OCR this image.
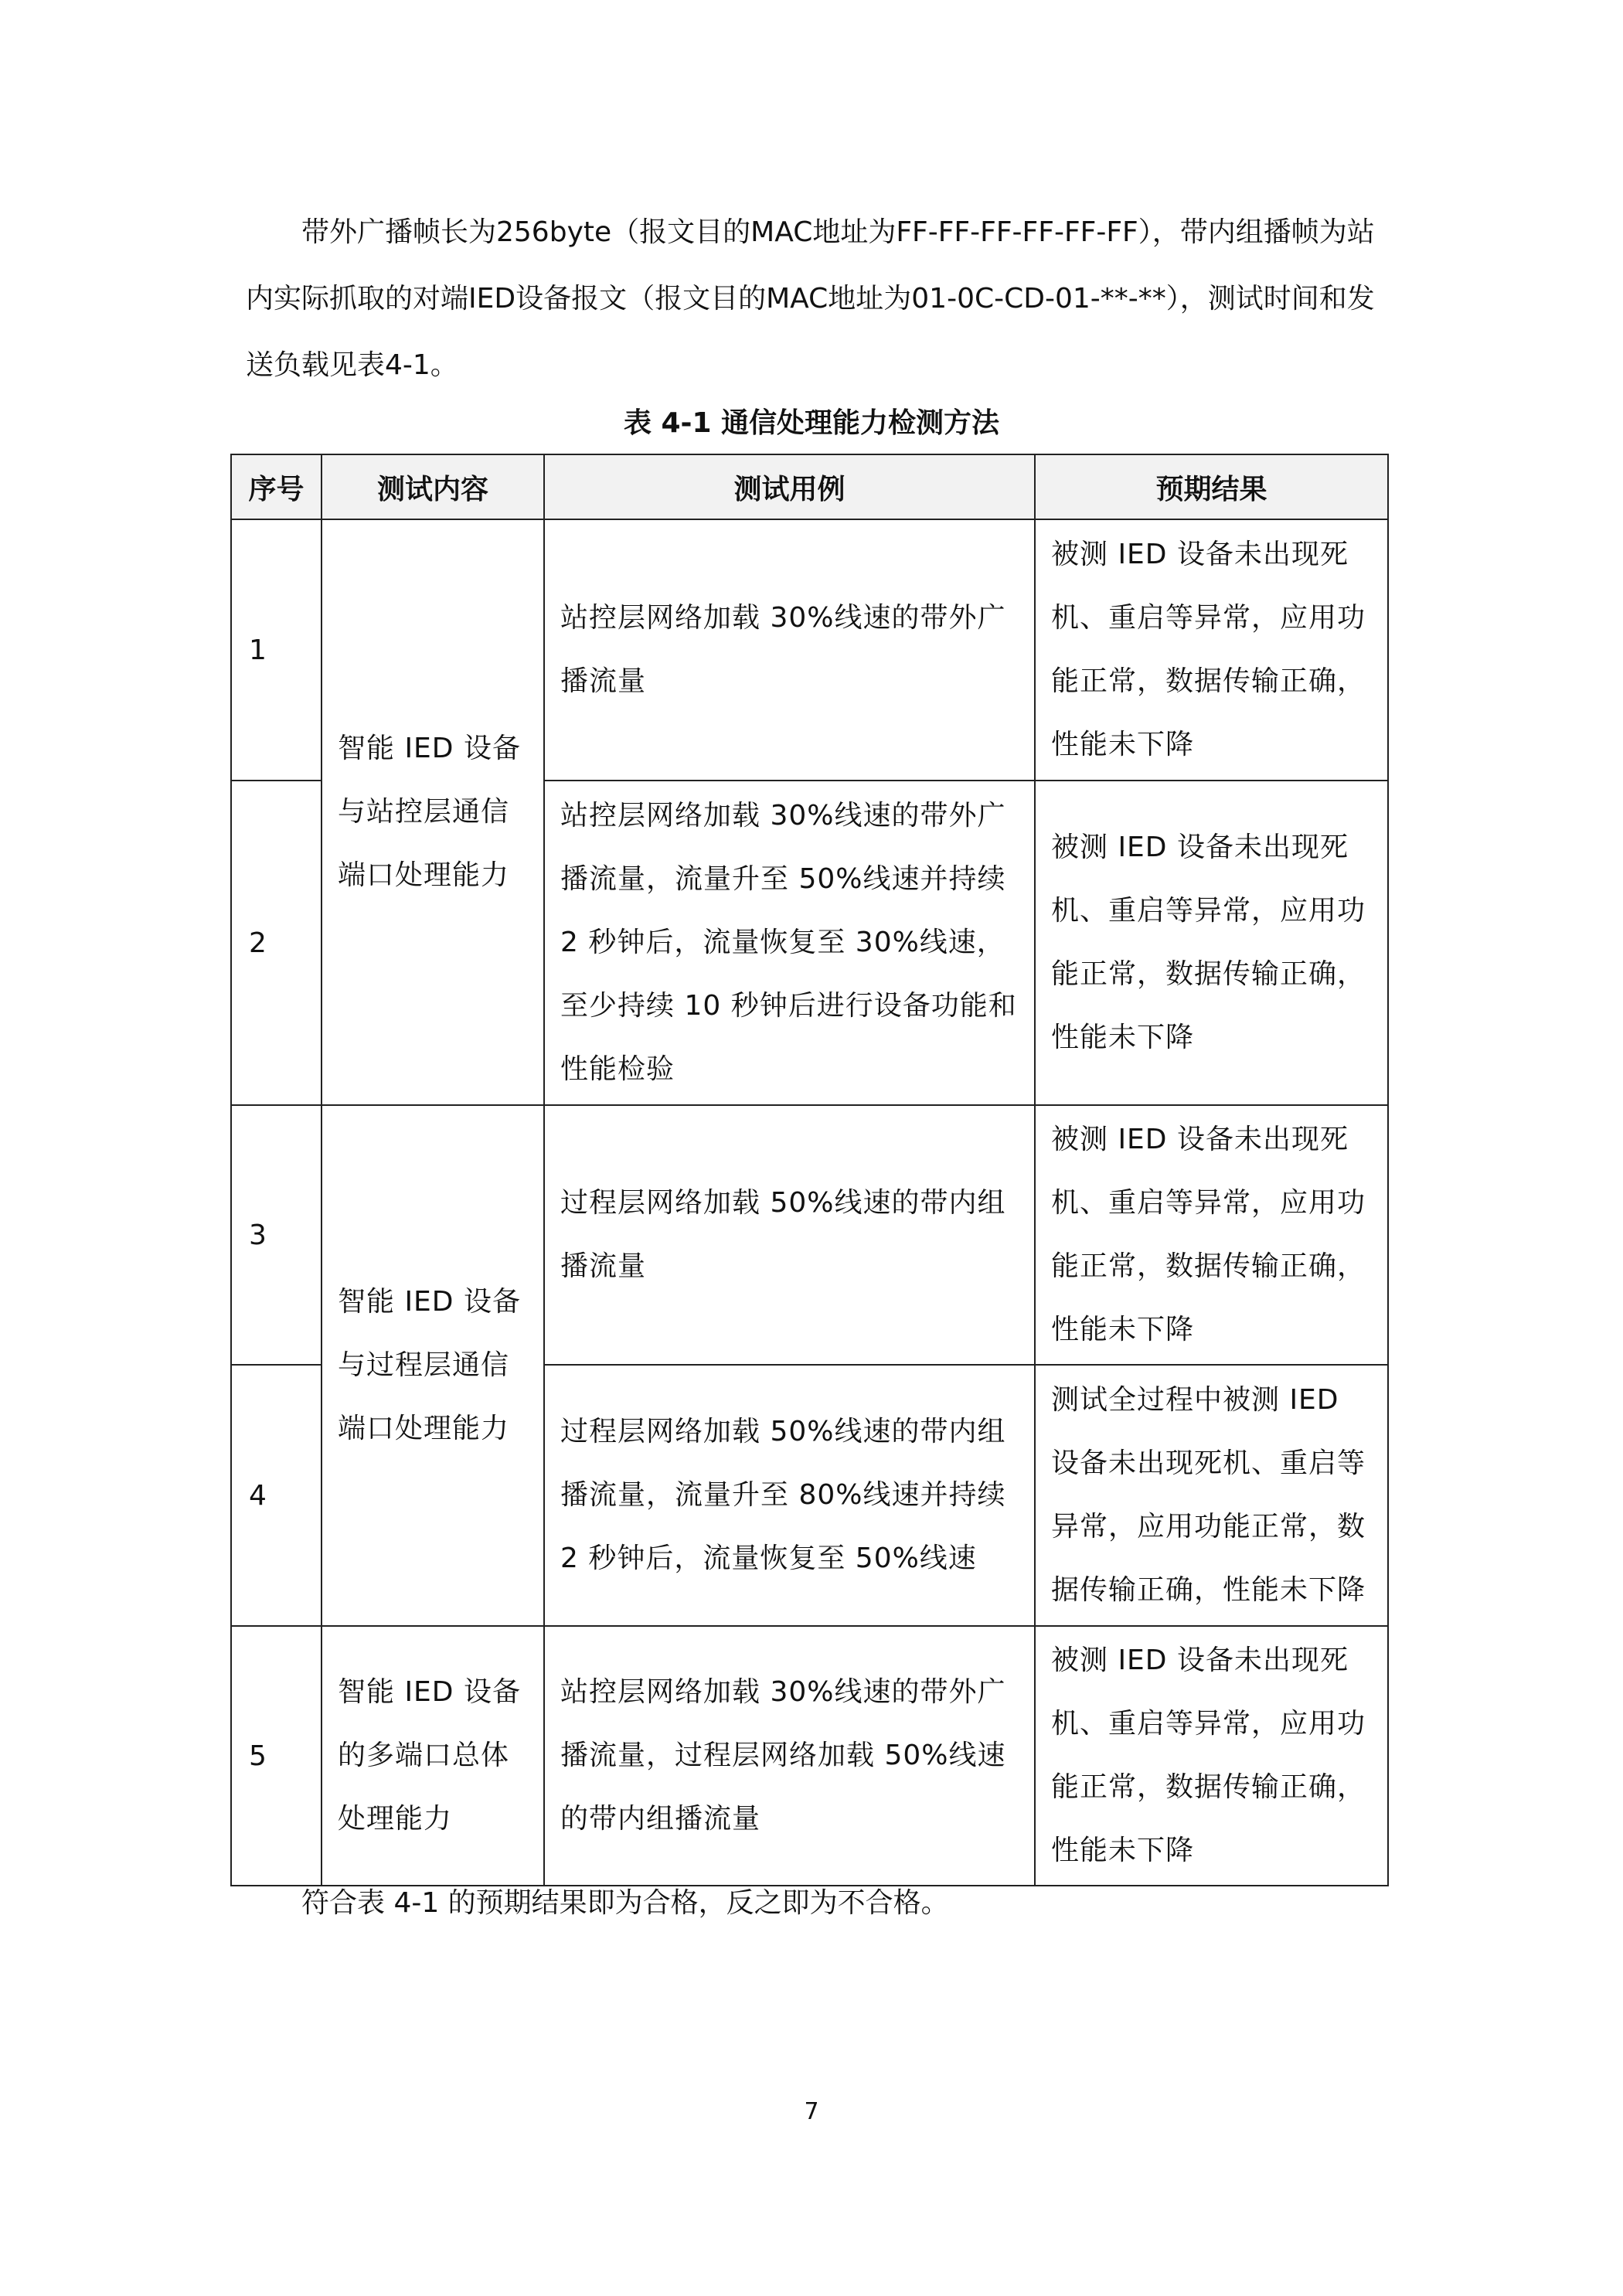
带外广播帧长为256byte（报文目的MAC地址为FF-FF-FF-FF-FF-FF），带内组播帧为站内实际抓取的对端IED设备报文（报文目的MAC地址为01-0C-CD-01-**-**），测试时间和发送负载见表4-1。

表 4-1 通信处理能力检测方法

序号	测试内容	测试用例	预期结果
1	智能 IED 设备与站控层通信端口处理能力	站控层网络加载 30%线速的带外广播流量	被测 IED 设备未出现死机、重启等异常，应用功能正常，数据传输正确，性能未下降
2		站控层网络加载 30%线速的带外广播流量，流量升至 50%线速并持续 2 秒钟后，流量恢复至 30%线速，至少持续 10 秒钟后进行设备功能和性能检验	被测 IED 设备未出现死机、重启等异常，应用功能正常，数据传输正确，性能未下降
3	智能 IED 设备与过程层通信端口处理能力	过程层网络加载 50%线速的带内组播流量	被测 IED 设备未出现死机、重启等异常，应用功能正常，数据传输正确，性能未下降
4		过程层网络加载 50%线速的带内组播流量，流量升至 80%线速并持续 2 秒钟后，流量恢复至 50%线速	测试全过程中被测 IED 设备未出现死机、重启等异常，应用功能正常，数据传输正确，性能未下降
5	智能 IED 设备的多端口总体处理能力	站控层网络加载 30%线速的带外广播流量，过程层网络加载 50%线速的带内组播流量	被测 IED 设备未出现死机、重启等异常，应用功能正常，数据传输正确，性能未下降

符合表 4-1 的预期结果即为合格，反之即为不合格。

7
